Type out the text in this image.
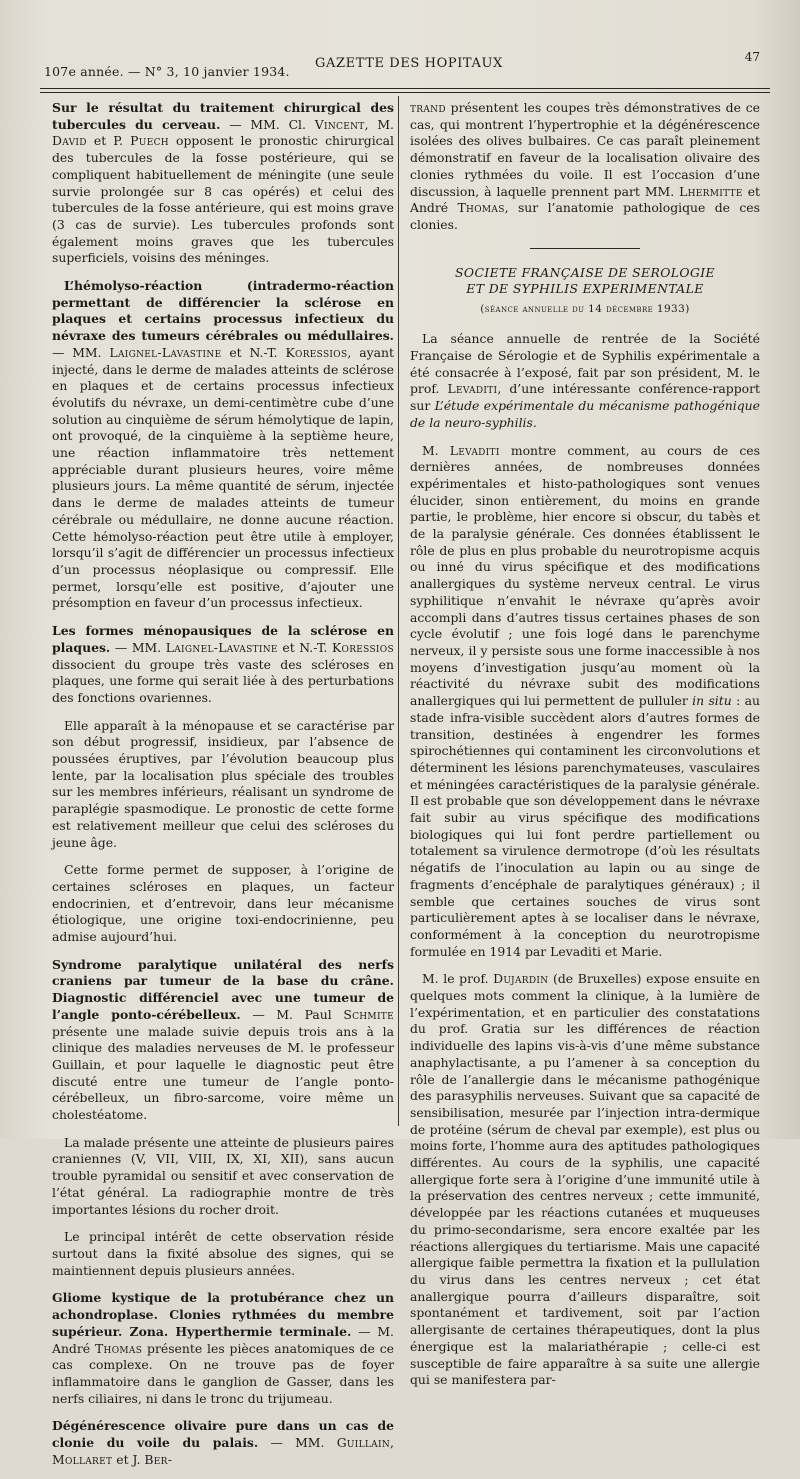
107e année. — N° 3, 10 janvier 1934.
GAZETTE DES HOPITAUX	47

Sur le résultat du traitement chirurgical des tubercules du cerveau. — MM. Cl. Vincent, M. David et P. Puech opposent le pronostic chirurgical des tubercules de la fosse postérieure, qui se compliquent habituellement de méningite (une seule survie prolongée sur 8 cas opérés) et celui des tubercules de la fosse antérieure, qui est moins grave (3 cas de survie). Les tubercules profonds sont également moins graves que les tubercules superficiels, voisins des méninges.

L’hémolyso-réaction (intradermo-réaction permettant de différencier la sclérose en plaques et certains processus infectieux du névraxe des tumeurs cérébrales ou médullaires. — MM. Laignel-Lavastine et N.-T. Koressios, ayant injecté, dans le derme de malades atteints de sclérose en plaques et de certains processus infectieux évolutifs du névraxe, un demi-centimètre cube d’une solution au cinquième de sérum hémolytique de lapin, ont provoqué, de la cinquième à la septième heure, une réaction inflammatoire très nettement appréciable durant plusieurs heures, voire même plusieurs jours. La même quantité de sérum, injectée dans le derme de malades atteints de tumeur cérébrale ou médullaire, ne donne aucune réaction. Cette hémolyso-réaction peut être utile à employer, lorsqu’il s’agit de différencier un processus infectieux d’un processus néoplasique ou compressif. Elle permet, lorsqu’elle est positive, d’ajouter une présomption en faveur d’un processus infectieux.

Les formes ménopausiques de la sclérose en plaques. — MM. Laignel-Lavastine et N.-T. Koressios dissocient du groupe très vaste des scléroses en plaques, une forme qui serait liée à des perturbations des fonctions ovariennes.

Elle apparaît à la ménopause et se caractérise par son début progressif, insidieux, par l’absence de poussées éruptives, par l’évolution beaucoup plus lente, par la localisation plus spéciale des troubles sur les membres inférieurs, réalisant un syndrome de paraplégie spasmodique. Le pronostic de cette forme est relativement meilleur que celui des scléroses du jeune âge.

Cette forme permet de supposer, à l’origine de certaines scléroses en plaques, un facteur endocrinien, et d’entrevoir, dans leur mécanisme étiologique, une origine toxi-endocrinienne, peu admise aujourd’hui.

Syndrome paralytique unilatéral des nerfs craniens par tumeur de la base du crâne. Diagnostic différenciel avec une tumeur de l’angle ponto-cérébelleux. — M. Paul Schmite présente une malade suivie depuis trois ans à la clinique des maladies nerveuses de M. le professeur Guillain, et pour laquelle le diagnostic peut être discuté entre une tumeur de l’angle ponto-cérébelleux, un fibro-sarcome, voire même un cholestéatome.

La malade présente une atteinte de plusieurs paires craniennes (V, VII, VIII, IX, XI, XII), sans aucun trouble pyramidal ou sensitif et avec conservation de l’état général. La radiographie montre de très importantes lésions du rocher droit.

Le principal intérêt de cette observation réside surtout dans la fixité absolue des signes, qui se maintiennent depuis plusieurs années.

Gliome kystique de la protubérance chez un achondroplase. Clonies rythmées du membre supérieur. Zona. Hyperthermie terminale. — M. André Thomas présente les pièces anatomiques de ce cas complexe. On ne trouve pas de foyer inflammatoire dans le ganglion de Gasser, dans les nerfs ciliaires, ni dans le tronc du trijumeau.

Dégénérescence olivaire pure dans un cas de clonie du voile du palais. — MM. Guillain, Mollaret et J. Ber-

trand présentent les coupes très démonstratives de ce cas, qui montrent l’hypertrophie et la dégénérescence isolées des olives bulbaires. Ce cas paraît pleinement démonstratif en faveur de la localisation olivaire des clonies rythmées du voile. Il est l’occasion d’une discussion, à laquelle prennent part MM. Lhermitte et André Thomas, sur l’anatomie pathologique de ces clonies.

SOCIETE FRANÇAISE DE SEROLOGIE
ET DE SYPHILIS EXPERIMENTALE
(séance annuelle du 14 décembre 1933)

La séance annuelle de rentrée de la Société Française de Sérologie et de Syphilis expérimentale a été consacrée à l’exposé, fait par son président, M. le prof. Levaditi, d’une intéressante conférence-rapport sur L’étude expérimentale du mécanisme pathogénique de la neuro-syphilis.

M. Levaditi montre comment, au cours de ces dernières années, de nombreuses données expérimentales et histo-pathologiques sont venues élucider, sinon entièrement, du moins en grande partie, le problème, hier encore si obscur, du tabès et de la paralysie générale. Ces données établissent le rôle de plus en plus probable du neurotropisme acquis ou inné du virus spécifique et des modifications anallergiques du système nerveux central. Le virus syphilitique n’envahit le névraxe qu’après avoir accompli dans d’autres tissus certaines phases de son cycle évolutif ; une fois logé dans le parenchyme nerveux, il y persiste sous une forme inaccessible à nos moyens d’investigation jusqu’au moment où la réactivité du névraxe subit des modifications anallergiques qui lui permettent de pulluler in situ : au stade infra-visible succèdent alors d’autres formes de transition, destinées à engendrer les formes spirochétiennes qui contaminent les circonvolutions et déterminent les lésions parenchymateuses, vasculaires et méningées caractéristiques de la paralysie générale. Il est probable que son développement dans le névraxe fait subir au virus spécifique des modifications biologiques qui lui font perdre partiellement ou totalement sa virulence dermotrope (d’où les résultats négatifs de l’inoculation au lapin ou au singe de fragments d’encéphale de paralytiques généraux) ; il semble que certaines souches de virus sont particulièrement aptes à se localiser dans le névraxe, conformément à la conception du neurotropisme formulée en 1914 par Levaditi et Marie.

M. le prof. Dujardin (de Bruxelles) expose ensuite en quelques mots comment la clinique, à la lumière de l’expérimentation, et en particulier des constatations du prof. Gratia sur les différences de réaction individuelle des lapins vis-à-vis d’une même substance anaphylactisante, a pu l’amener à sa conception du rôle de l’anallergie dans le mécanisme pathogénique des parasyphilis nerveuses. Suivant que sa capacité de sensibilisation, mesurée par l’injection intra-dermique de protéine (sérum de cheval par exemple), est plus ou moins forte, l’homme aura des aptitudes pathologiques différentes. Au cours de la syphilis, une capacité allergique forte sera à l’origine d’une immunité utile à la préservation des centres nerveux ; cette immunité, développée par les réactions cutanées et muqueuses du primo-secondarisme, sera encore exaltée par les réactions allergiques du tertiarisme. Mais une capacité allergique faible permettra la fixation et la pullulation du virus dans les centres nerveux ; cet état anallergique pourra d’ailleurs disparaître, soit spontanément et tardivement, soit par l’action allergisante de certaines thérapeutiques, dont la plus énergique est la malariathérapie ; celle-ci est susceptible de faire apparaître à sa suite une allergie qui se manifestera par-
